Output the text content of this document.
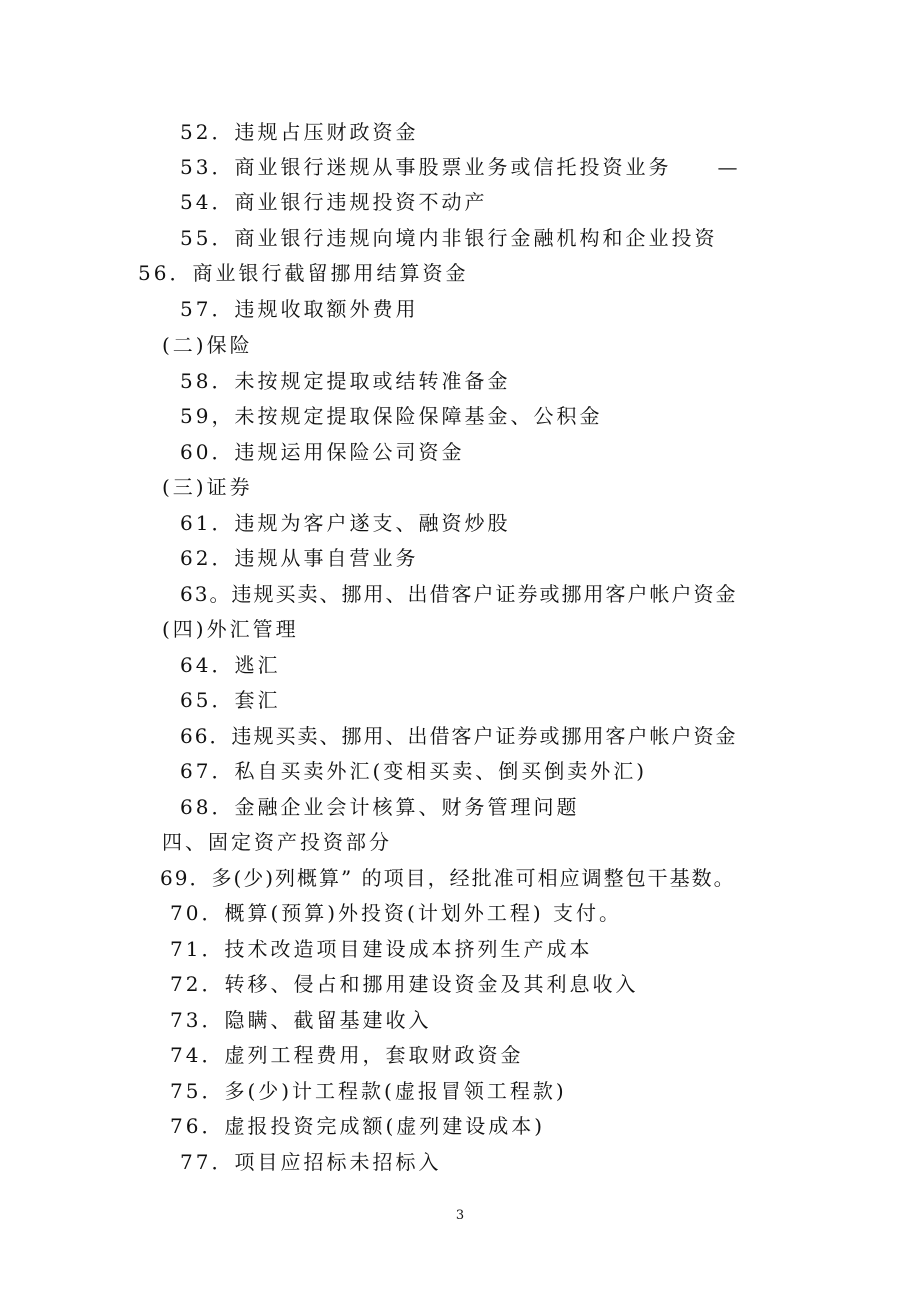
52．违规占压财政资金
53．商业银行迷规从事股票业务或信托投资业务　　—
54．商业银行违规投资不动产
55．商业银行违规向境内非银行金融机构和企业投资
56．商业银行截留挪用结算资金
57．违规收取额外费用
(二)保险
58．未按规定提取或结转准备金
59，未按规定提取保险保障基金、公积金
60．违规运用保险公司资金
(三)证券
61．违规为客户遂支、融资炒股
62．违规从事自营业务
63。违规买卖、挪用、出借客户证券或挪用客户帐户资金
(四)外汇管理
64．逃汇
65．套汇
66．违规买卖、挪用、出借客户证券或挪用客户帐户资金
67．私自买卖外汇(变相买卖、倒买倒卖外汇)
68．金融企业会计核算、财务管理问题
四、固定资产投资部分
69．多(少)列概算” 的项目，经批准可相应调整包干基数。
70．概算(预算)外投资(计划外工程) 支付。
71．技术改造项目建设成本挤列生产成本
72．转移、侵占和挪用建设资金及其利息收入
73．隐瞒、截留基建收入
74．虚列工程费用，套取财政资金
75．多(少)计工程款(虚报冒领工程款)
76．虚报投资完成额(虚列建设成本)
77．项目应招标未招标入
3
